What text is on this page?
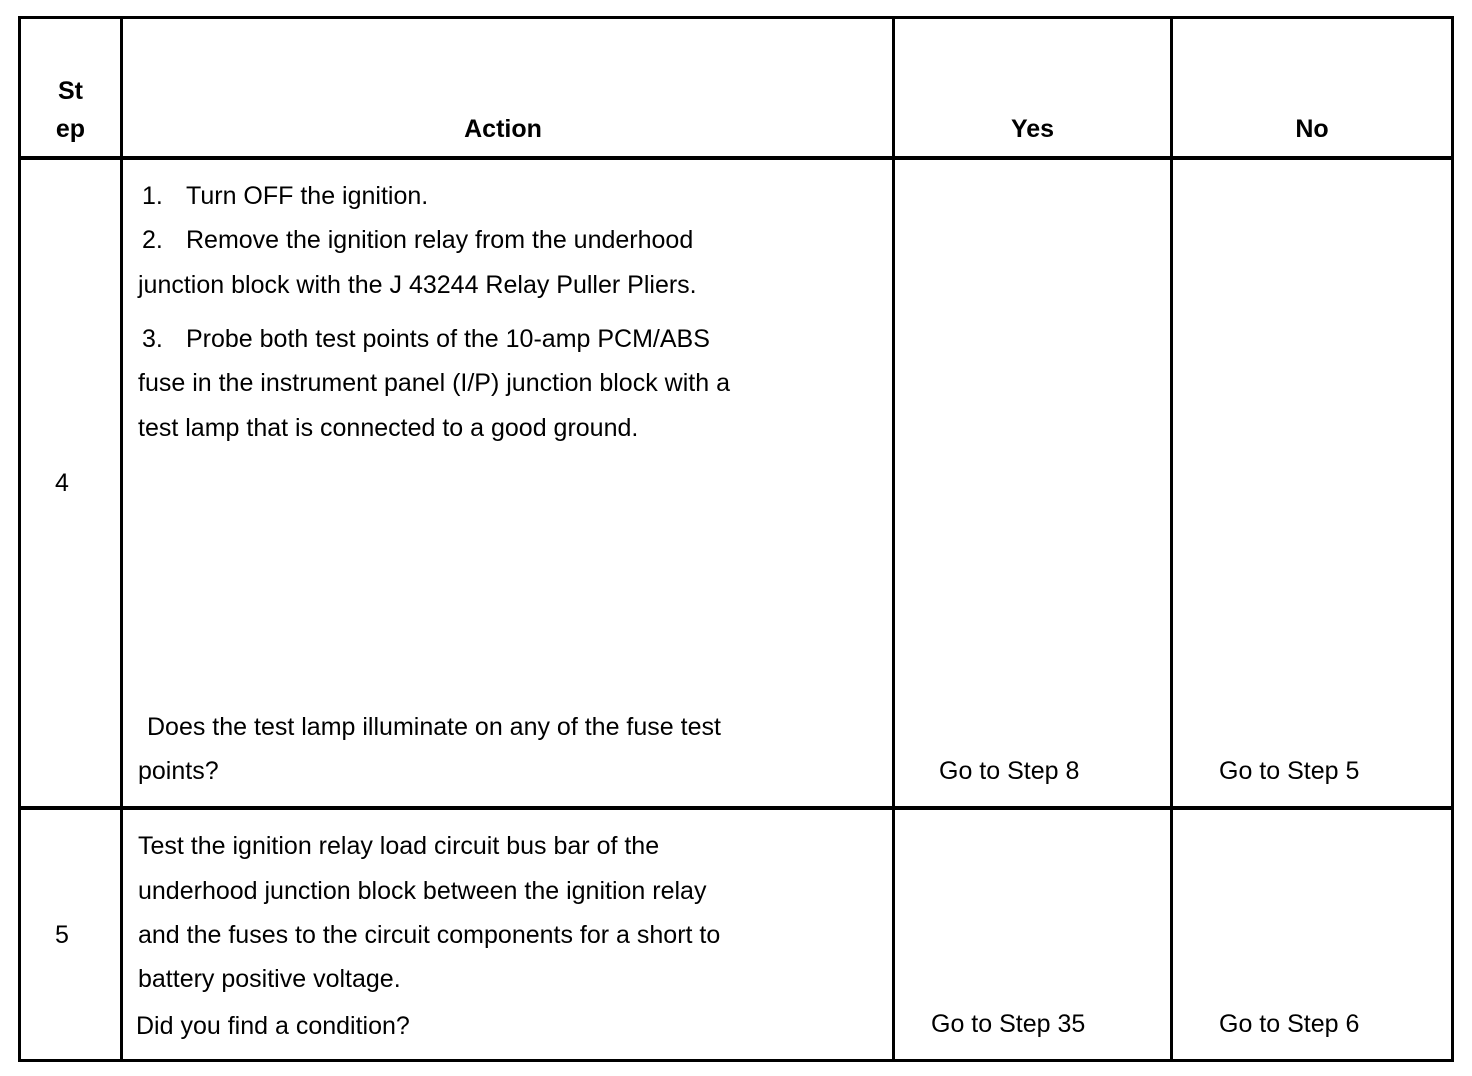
St
ep	Action	Yes	No
4
1. Turn OFF the ignition.
2. Remove the ignition relay from the underhood
junction block with the J 43244 Relay Puller Pliers.
3. Probe both test points of the 10-amp PCM/ABS
fuse in the instrument panel (I/P) junction block with a
test lamp that is connected to a good ground.
Does the test lamp illuminate on any of the fuse test
points?	Go to Step 8	Go to Step 5
5
Test the ignition relay load circuit bus bar of the
underhood junction block between the ignition relay
and the fuses to the circuit components for a short to
battery positive voltage.
Did you find a condition?	Go to Step 35	Go to Step 6
